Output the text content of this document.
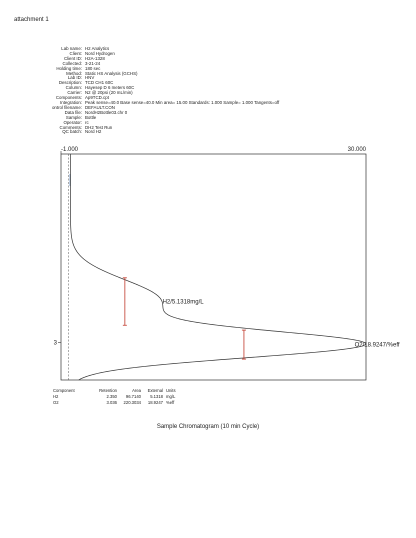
attachment 1
Lab name: H2 Analytics
Client: Nord Hydrogen
Client ID: H2A-1328
Collected: 3-21-24
Holding time: 180 sec
Method: Static HS Analysis (GCHS)
Lab ID: HNV
Description: TCD CH1 60C
Column: Hayesep D 6 meters 60C
Carrier: N2 @ 20psi (20 mL/min)
Components: Ap9TCD.cpt
Integration: Peak sense=40.0 Base sense=40.0 Min area= 15.00 Standards: 1.000 Sample= 1.000 Tangents=off
ontrol filename: DEFAULT.CON
Data file: NordH2Bottle03.chr 0
Sample: Bottle
Operator: rc
Comments: DH2 Test Run
QC batch: Nord H2
-1.000	30.000
3
H2/5.1318mg/L
O2/18.9247/%eff
Component	Retention	Area	External Units
H2	2.350	96.7140	5.1318 mg/L
O2	3.036	220.3034	18.9247 %eff
Sample Chromatogram (10 min Cycle)
